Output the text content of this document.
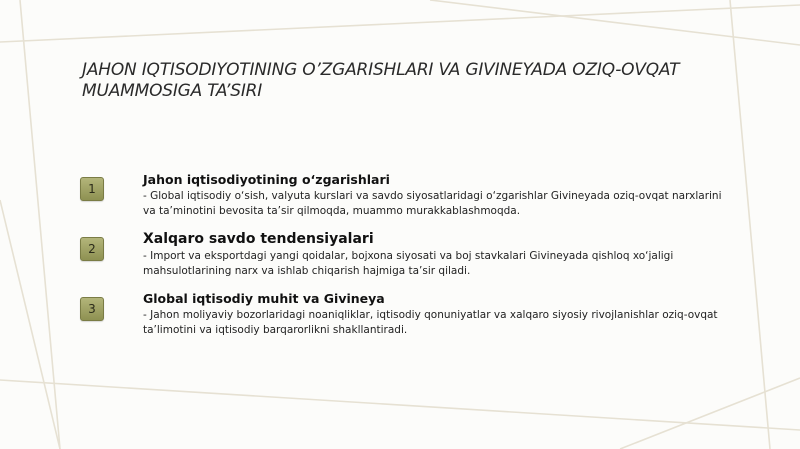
JAHON IQTISODIYOTINING O’ZGARISHLARI VA GIVINEYADA OZIQ-OVQAT MUAMMOSIGA TA’SIRI
1
Jahon iqtisodiyotining o‘zgarishlari

- Global iqtisodiy o‘sish, valyuta kurslari va savdo siyosatlaridagi o‘zgarishlar Givineyada oziq-ovqat narxlarini va ta’minotini bevosita ta’sir qilmoqda, muammo murakkablashmoqda.

2
Xalqaro savdo tendensiyalari

- Import va eksportdagi yangi qoidalar, bojxona siyosati va boj stavkalari Givineyada qishloq xo‘jaligi mahsulotlarining narx va ishlab chiqarish hajmiga ta’sir qiladi.

3
Global iqtisodiy muhit va Givineya

- Jahon moliyaviy bozorlaridagi noaniqliklar, iqtisodiy qonuniyatlar va xalqaro siyosiy rivojlanishlar oziq-ovqat ta’limotini va iqtisodiy barqarorlikni shakllantiradi.
